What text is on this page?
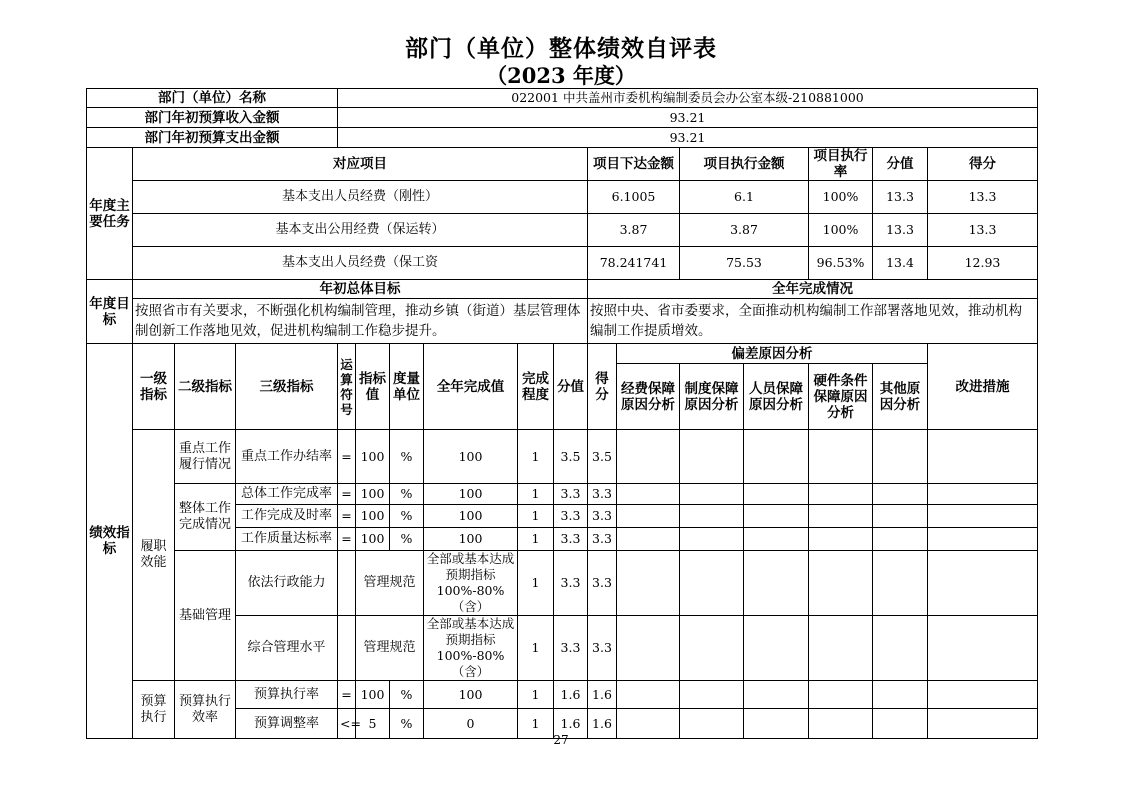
部门（单位）整体绩效自评表
（2023 年度）
部门（单位）名称				022001 中共盖州市委机构编制委员会办公室本级-210881000												
部门年初预算收入金额				93.21												
部门年初预算支出金额				93.21												
年度主要任务	对应项目									项目下达金额		项目执行金额		项目执行率	分值	得分
	基本支出人员经费（刚性）									6.1005		6.1		100%	13.3	13.3
	基本支出公用经费（保运转）									3.87		3.87		100%	13.3	13.3
	基本支出人员经费（保工资									78.241741		75.53		96.53%	13.4	12.93
年度目标	年初总体目标									全年完成情况						
	按照省市有关要求，不断强化机构编制管理，推动乡镇（街道）基层管理体制创新工作落地见效，促进机构编制工作稳步提升。									按照中央、省市委要求，全面推动机构编制工作部署落地见效，推动机构编制工作提质增效。						
绩效指标	一级指标	二级指标	三级指标	运算符号	指标值	度量单位	全年完成值	完成程度	分值	得分	偏差原因分析					改进措施
											经费保障原因分析	制度保障原因分析	人员保障原因分析	硬件条件保障原因分析	其他原因分析	
	履职效能	重点工作履行情况	重点工作办结率	=	100	%	100	1	3.5	3.5						
		整体工作完成情况	总体工作完成率	=	100	%	100	1	3.3	3.3						
			工作完成及时率	=	100	%	100	1	3.3	3.3						
			工作质量达标率	=	100	%	100	1	3.3	3.3						
		基础管理	依法行政能力		管理规范		全部或基本达成预期指标100%-80%（含）	1	3.3	3.3						
			综合管理水平		管理规范		全部或基本达成预期指标100%-80%（含）	1	3.3	3.3						
	预算执行	预算执行效率	预算执行率	=	100	%	100	1	1.6	1.6						
			预算调整率	<=	5	%	0	1	1.6	1.6						
27
